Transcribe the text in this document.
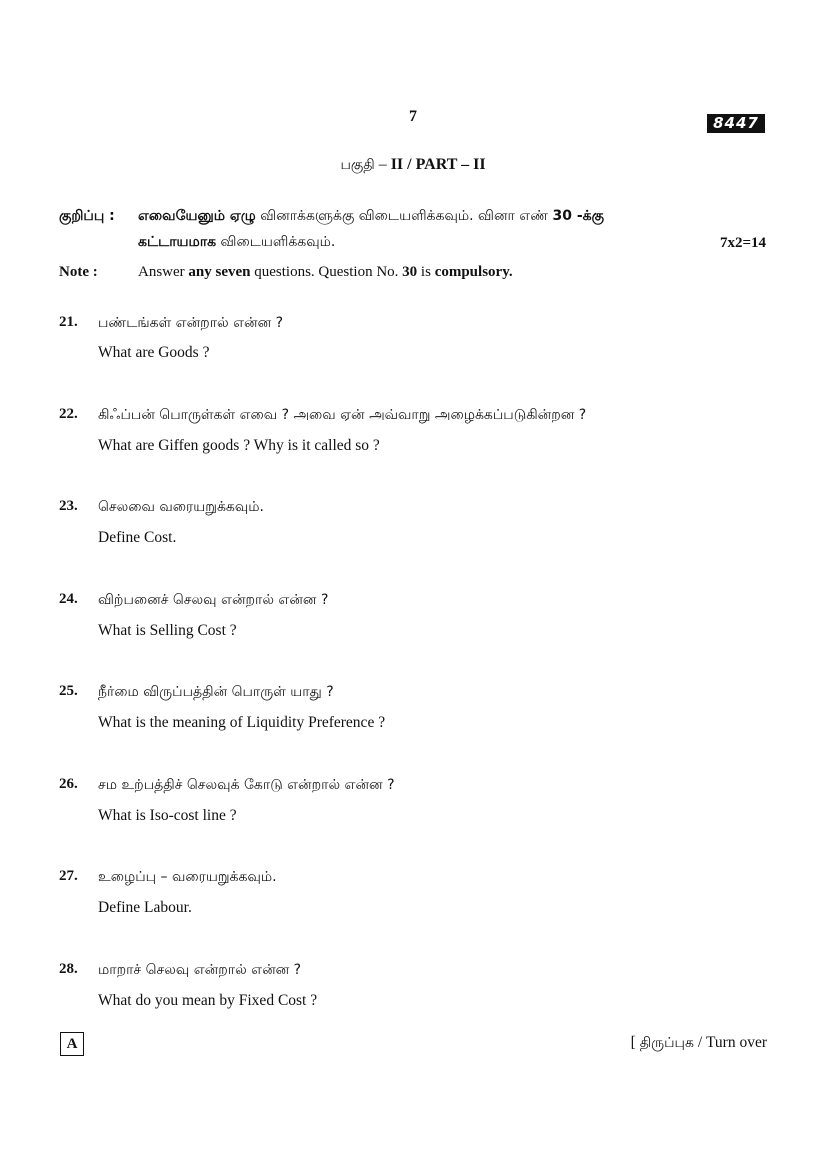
7	8447
பகுதி – II / PART – II
குறிப்பு : எவையேனும் ஏழு வினாக்களுக்கு விடையளிக்கவும். வினா எண் 30 -க்கு
கட்டாயமாக விடையளிக்கவும்.	7x2=14
Note :	Answer any seven questions. Question No. 30 is compulsory.
21.	பண்டங்கள் என்றால் என்ன ?
What are Goods ?
22.	கிஃப்பன் பொருள்கள் எவை ? அவை ஏன் அவ்வாறு அழைக்கப்படுகின்றன ?
What are Giffen goods ? Why is it called so ?
23.	செலவை வரையறுக்கவும்.
Define Cost.
24.	விற்பனைச் செலவு என்றால் என்ன ?
What is Selling Cost ?
25.	நீர்மை விருப்பத்தின் பொருள் யாது ?
What is the meaning of Liquidity Preference ?
26.	சம உற்பத்திச் செலவுக் கோடு என்றால் என்ன ?
What is Iso-cost line ?
27.	உழைப்பு – வரையறுக்கவும்.
Define Labour.
28.	மாறாச் செலவு என்றால் என்ன ?
What do you mean by Fixed Cost ?
A	[ திருப்புக / Turn over
